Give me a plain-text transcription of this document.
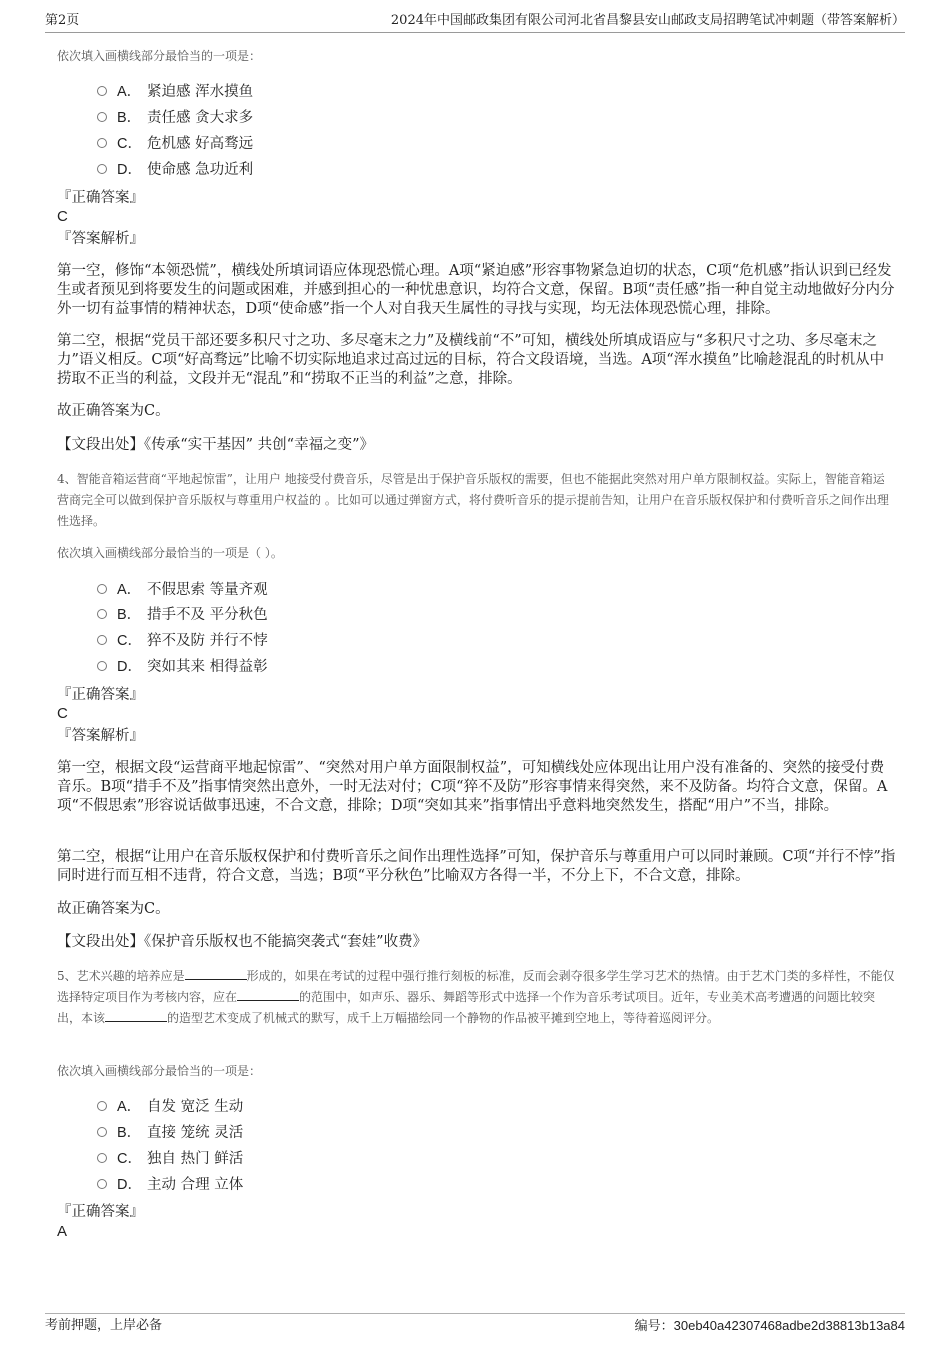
第2页	2024年中国邮政集团有限公司河北省昌黎县安山邮政支局招聘笔试冲刺题（带答案解析）
依次填入画横线部分最恰当的一项是：
A． 紧迫感 浑水摸鱼
B． 责任感 贪大求多
C． 危机感 好高骛远
D． 使命感 急功近利
『正确答案』
C
『答案解析』
第一空，修饰“本领恐慌”，横线处所填词语应体现恐慌心理。A项“紧迫感”形容事物紧急迫切的状态，C项“危机感”指认识到已经发生或者预见到将要发生的问题或困难，并感到担心的一种忧患意识，均符合文意，保留。B项“责任感”指一种自觉主动地做好分内分外一切有益事情的精神状态，D项“使命感”指一个人对自我天生属性的寻找与实现，均无法体现恐慌心理，排除。
第二空，根据“党员干部还要多积尺寸之功、多尽毫末之力”及横线前“不”可知，横线处所填成语应与“多积尺寸之功、多尽毫末之力”语义相反。C项“好高骛远”比喻不切实际地追求过高过远的目标，符合文段语境，当选。A项“浑水摸鱼”比喻趁混乱的时机从中捞取不正当的利益，文段并无“混乱”和“捞取不正当的利益”之意，排除。
故正确答案为C。
【文段出处】《传承“实干基因” 共创“幸福之变”》
4、智能音箱运营商“平地起惊雷”，让用户 地接受付费音乐，尽管是出于保护音乐版权的需要，但也不能据此突然对用户单方限制权益。实际上，智能音箱运营商完全可以做到保护音乐版权与尊重用户权益的 。比如可以通过弹窗方式，将付费听音乐的提示提前告知，让用户在音乐版权保护和付费听音乐之间作出理性选择。
依次填入画横线部分最恰当的一项是（ ）。
A． 不假思索 等量齐观
B． 措手不及 平分秋色
C． 猝不及防 并行不悖
D． 突如其来 相得益彰
『正确答案』
C
『答案解析』
第一空，根据文段“运营商平地起惊雷”、“突然对用户单方面限制权益”，可知横线处应体现出让用户没有准备的、突然的接受付费音乐。B项“措手不及”指事情突然出意外，一时无法对付；C项“猝不及防”形容事情来得突然，来不及防备。均符合文意，保留。A项“不假思索”形容说话做事迅速，不合文意，排除；D项“突如其来”指事情出乎意料地突然发生，搭配“用户”不当，排除。
第二空，根据“让用户在音乐版权保护和付费听音乐之间作出理性选择”可知，保护音乐与尊重用户可以同时兼顾。C项“并行不悖”指同时进行而互相不违背，符合文意，当选；B项“平分秋色”比喻双方各得一半，不分上下，不合文意，排除。
故正确答案为C。
【文段出处】《保护音乐版权也不能搞突袭式“套娃”收费》
5、艺术兴趣的培养应是	形成的，如果在考试的过程中强行推行刻板的标准，反而会剥夺很多学生学习艺术的热情。由于艺术门类的多样性，不能仅选择特定项目作为考核内容，应在	的范围中，如声乐、器乐、舞蹈等形式中选择一个作为音乐考试项目。近年，专业美术高考遭遇的问题比较突出，本该	的造型艺术变成了机械式的默写，成千上万幅描绘同一个静物的作品被平摊到空地上，等待着巡阅评分。
依次填入画横线部分最恰当的一项是：
A． 自发 宽泛 生动
B． 直接 笼统 灵活
C． 独自 热门 鲜活
D． 主动 合理 立体
『正确答案』
A
考前押题，上岸必备	编号：30eb40a42307468adbe2d38813b13a84
